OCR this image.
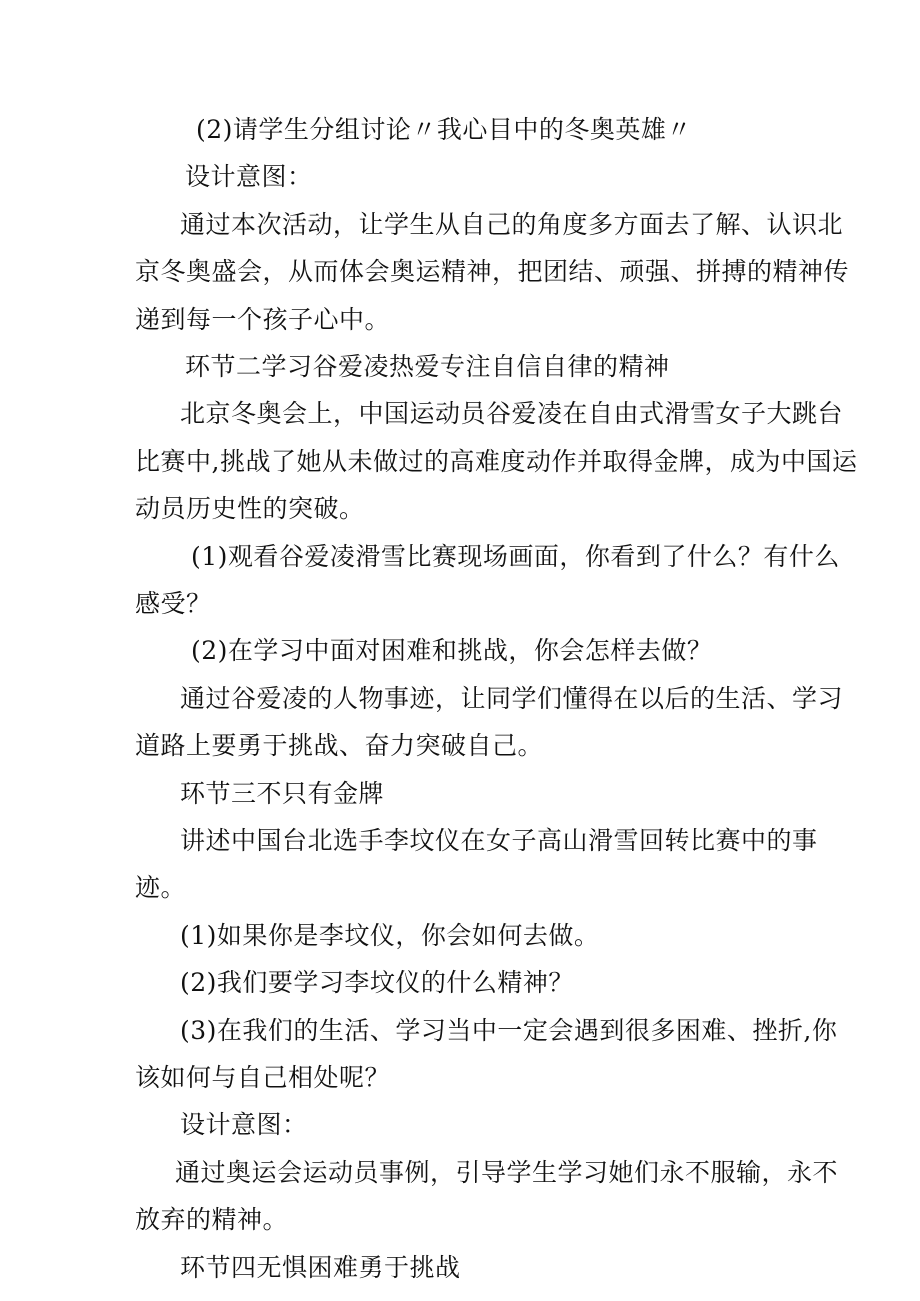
(2)请学生分组讨论〃我心目中的冬奥英雄〃
设计意图：
通过本次活动，让学生从自己的角度多方面去了解、认识北
京冬奥盛会，从而体会奥运精神，把团结、顽强、拼搏的精神传
递到每一个孩子心中。
环节二学习谷爱凌热爱专注自信自律的精神
北京冬奥会上，中国运动员谷爱凌在自由式滑雪女子大跳台
比赛中,挑战了她从未做过的高难度动作并取得金牌，成为中国运
动员历史性的突破。
(1)观看谷爱凌滑雪比赛现场画面，你看到了什么？有什么
感受？
(2)在学习中面对困难和挑战，你会怎样去做？
通过谷爱凌的人物事迹，让同学们懂得在以后的生活、学习
道路上要勇于挑战、奋力突破自己。
环节三不只有金牌
讲述中国台北选手李坟仪在女子高山滑雪回转比赛中的事
迹。
(1)如果你是李坟仪，你会如何去做。
(2)我们要学习李坟仪的什么精神？
(3)在我们的生活、学习当中一定会遇到很多困难、挫折,你
该如何与自己相处呢？
设计意图：
通过奥运会运动员事例，引导学生学习她们永不服输，永不
放弃的精神。
环节四无惧困难勇于挑战
